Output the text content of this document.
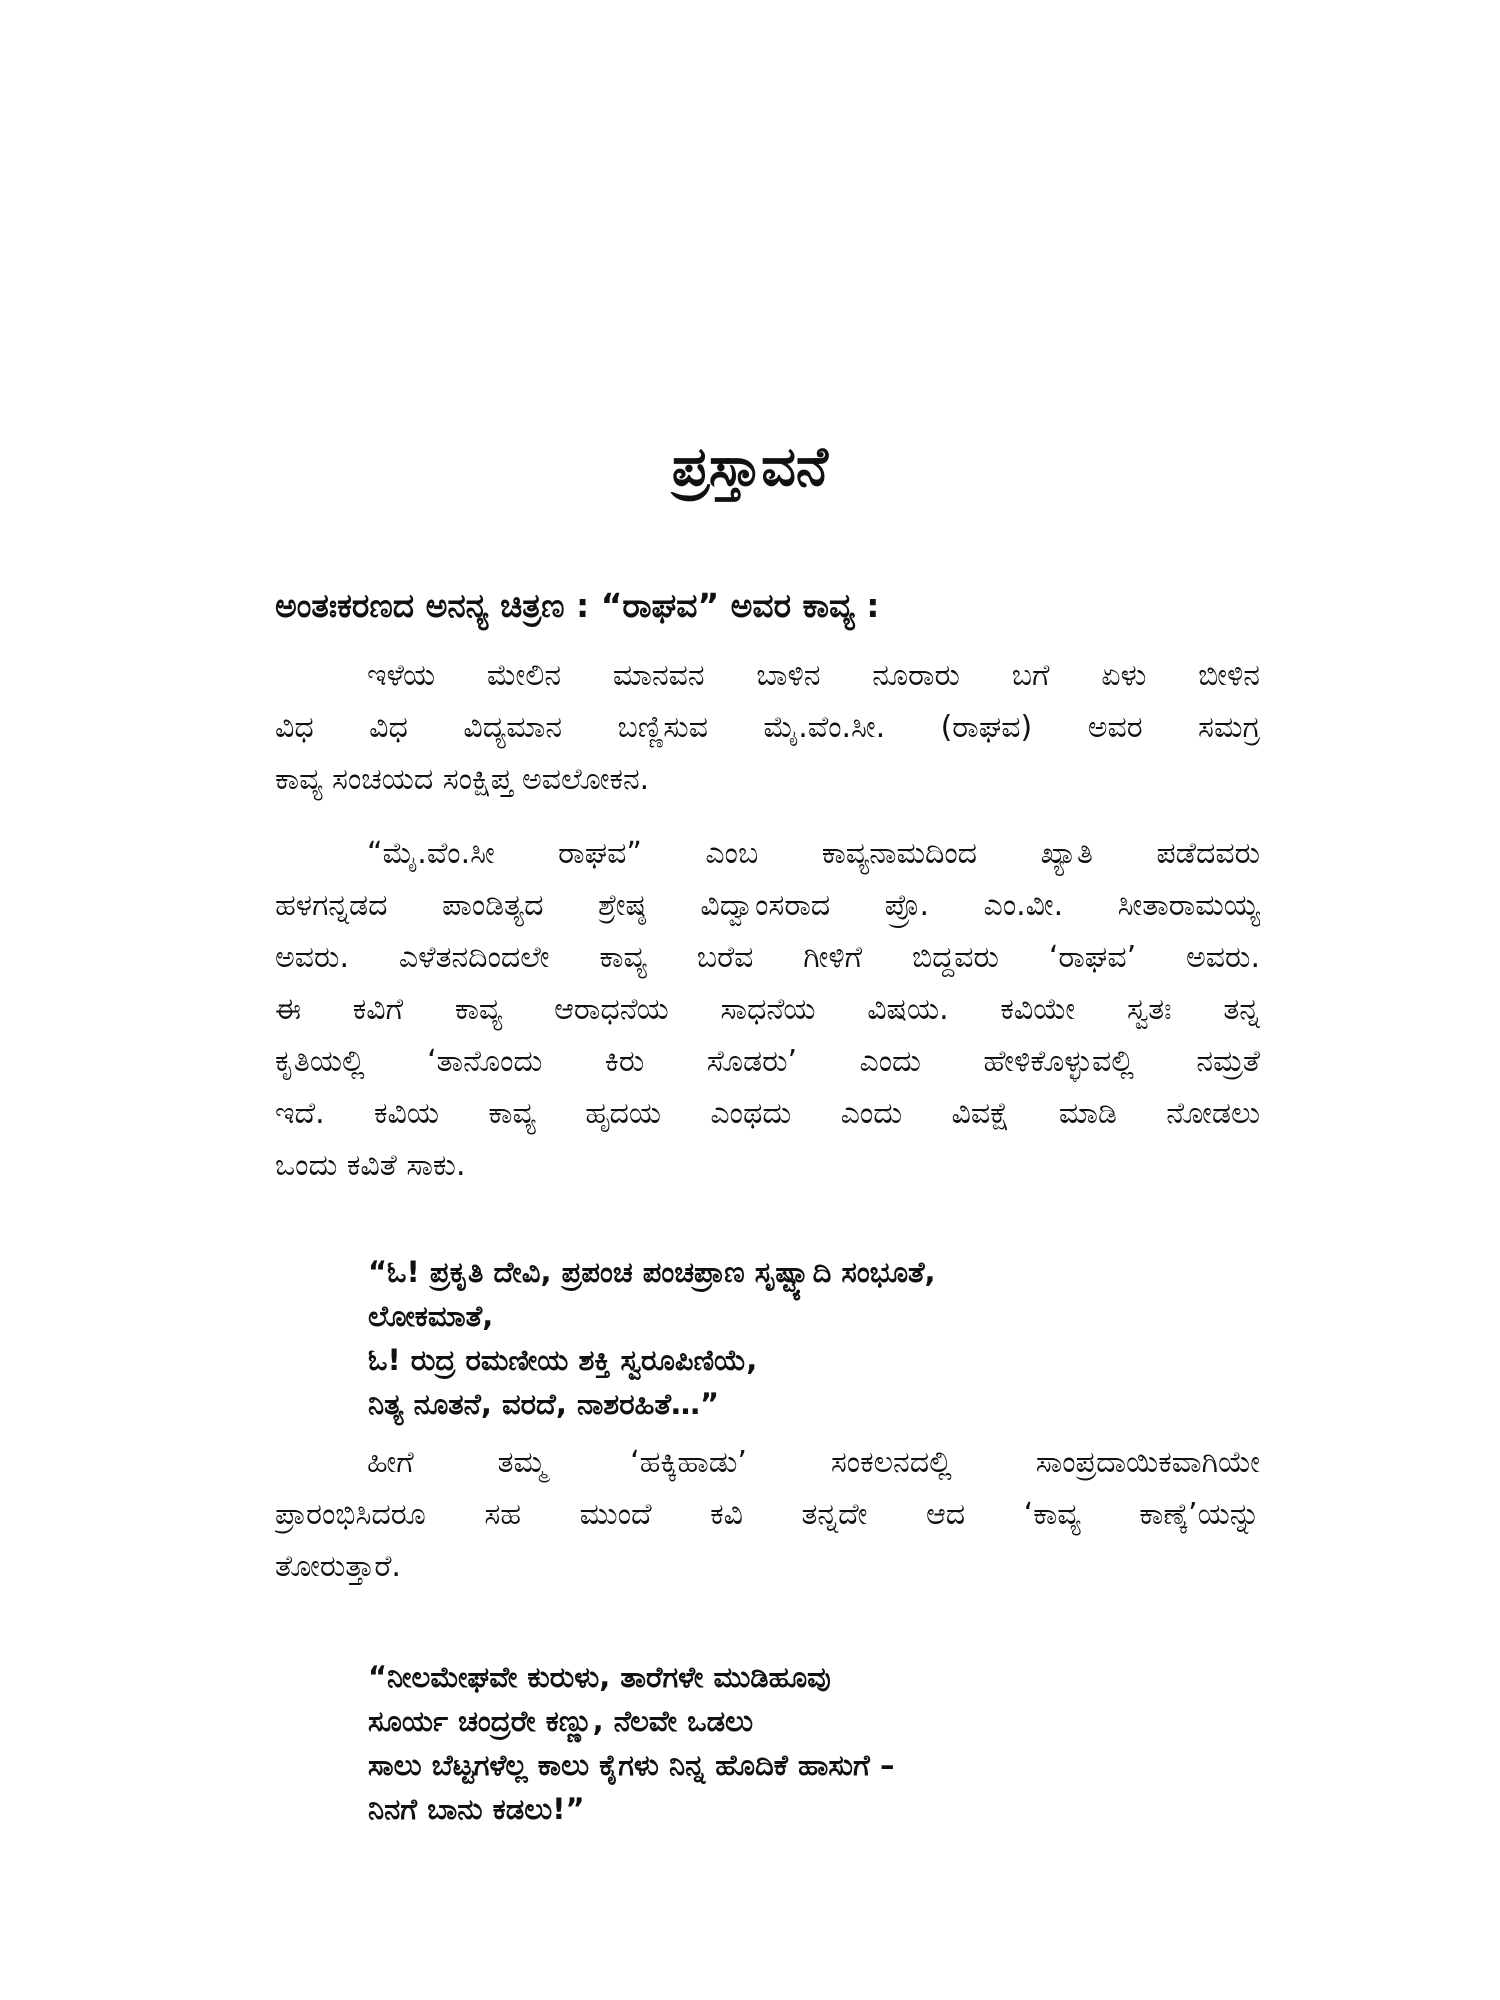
ಪ್ರಸ್ತಾವನೆ
ಅಂತಃಕರಣದ ಅನನ್ಯ ಚಿತ್ರಣ : “ರಾಘವ” ಅವರ ಕಾವ್ಯ :
ಇಳೆಯ ಮೇಲಿನ ಮಾನವನ ಬಾಳಿನ ನೂರಾರು ಬಗೆ ಏಳು ಬೀಳಿನ
ವಿಧ ವಿಧ ವಿದ್ಯಮಾನ ಬಣ್ಣಿಸುವ ಮೈ.ವೆಂ.ಸೀ. (ರಾಘವ) ಅವರ ಸಮಗ್ರ
ಕಾವ್ಯ ಸಂಚಯದ ಸಂಕ್ಷಿಪ್ತ ಅವಲೋಕನ.
“ಮೈ.ವೆಂ.ಸೀ ರಾಘವ” ಎಂಬ ಕಾವ್ಯನಾಮದಿಂದ ಖ್ಯಾತಿ ಪಡೆದವರು
ಹಳಗನ್ನಡದ ಪಾಂಡಿತ್ಯದ ಶ್ರೇಷ್ಠ ವಿದ್ವಾಂಸರಾದ ಪ್ರೊ. ಎಂ.ವೀ. ಸೀತಾರಾಮಯ್ಯ
ಅವರು. ಎಳೆತನದಿಂದಲೇ ಕಾವ್ಯ ಬರೆವ ಗೀಳಿಗೆ ಬಿದ್ದವರು ‘ರಾಘವ’ ಅವರು.
ಈ ಕವಿಗೆ ಕಾವ್ಯ ಆರಾಧನೆಯ ಸಾಧನೆಯ ವಿಷಯ. ಕವಿಯೇ ಸ್ವತಃ ತನ್ನ
ಕೃತಿಯಲ್ಲಿ ‘ತಾನೊಂದು ಕಿರು ಸೊಡರು’ ಎಂದು ಹೇಳಿಕೊಳ್ಳುವಲ್ಲಿ ನಮ್ರತೆ
ಇದೆ. ಕವಿಯ ಕಾವ್ಯ ಹೃದಯ ಎಂಥದು ಎಂದು ವಿವಕ್ಷೆ ಮಾಡಿ ನೋಡಲು
ಒಂದು ಕವಿತೆ ಸಾಕು.
“ಓ! ಪ್ರಕೃತಿ ದೇವಿ, ಪ್ರಪಂಚ ಪಂಚಪ್ರಾಣ ಸೃಷ್ಟ್ಯಾದಿ ಸಂಭೂತೆ,
ಲೋಕಮಾತೆ,
ಓ! ರುದ್ರ ರಮಣೀಯ ಶಕ್ತಿ ಸ್ವರೂಪಿಣಿಯೆ,
ನಿತ್ಯ ನೂತನೆ, ವರದೆ, ನಾಶರಹಿತೆ…”
ಹೀಗೆ ತಮ್ಮ ‘ಹಕ್ಕಿಹಾಡು’ ಸಂಕಲನದಲ್ಲಿ ಸಾಂಪ್ರದಾಯಿಕವಾಗಿಯೇ
ಪ್ರಾರಂಭಿಸಿದರೂ ಸಹ ಮುಂದೆ ಕವಿ ತನ್ನದೇ ಆದ ‘ಕಾವ್ಯ ಕಾಣ್ಕೆ’ಯನ್ನು
ತೋರುತ್ತಾರೆ.
“ನೀಲಮೇಘವೇ ಕುರುಳು, ತಾರೆಗಳೇ ಮುಡಿಹೂವು
ಸೂರ್ಯ ಚಂದ್ರರೇ ಕಣ್ಣು, ನೆಲವೇ ಒಡಲು
ಸಾಲು ಬೆಟ್ಟಗಳೆಲ್ಲ ಕಾಲು ಕೈಗಳು ನಿನ್ನ ಹೊದಿಕೆ ಹಾಸುಗೆ –
ನಿನಗೆ ಬಾನು ಕಡಲು!”
